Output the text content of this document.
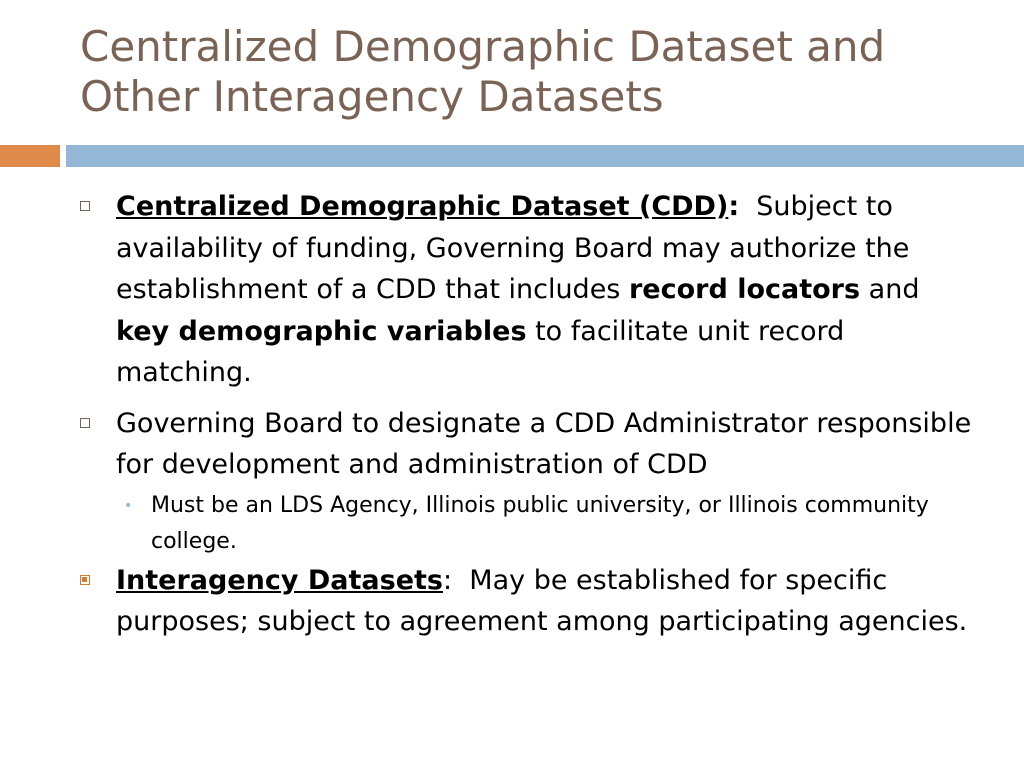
Centralized Demographic Dataset and
Other Interagency Datasets
Centralized Demographic Dataset (CDD):  Subject to availability of funding, Governing Board may authorize the establishment of a CDD that includes record locators and key demographic variables to facilitate unit record matching.
Governing Board to designate a CDD Administrator responsible for development and administration of CDD
• Must be an LDS Agency, Illinois public university, or Illinois community college.
Interagency Datasets:  May be established for specific purposes; subject to agreement among participating agencies.
